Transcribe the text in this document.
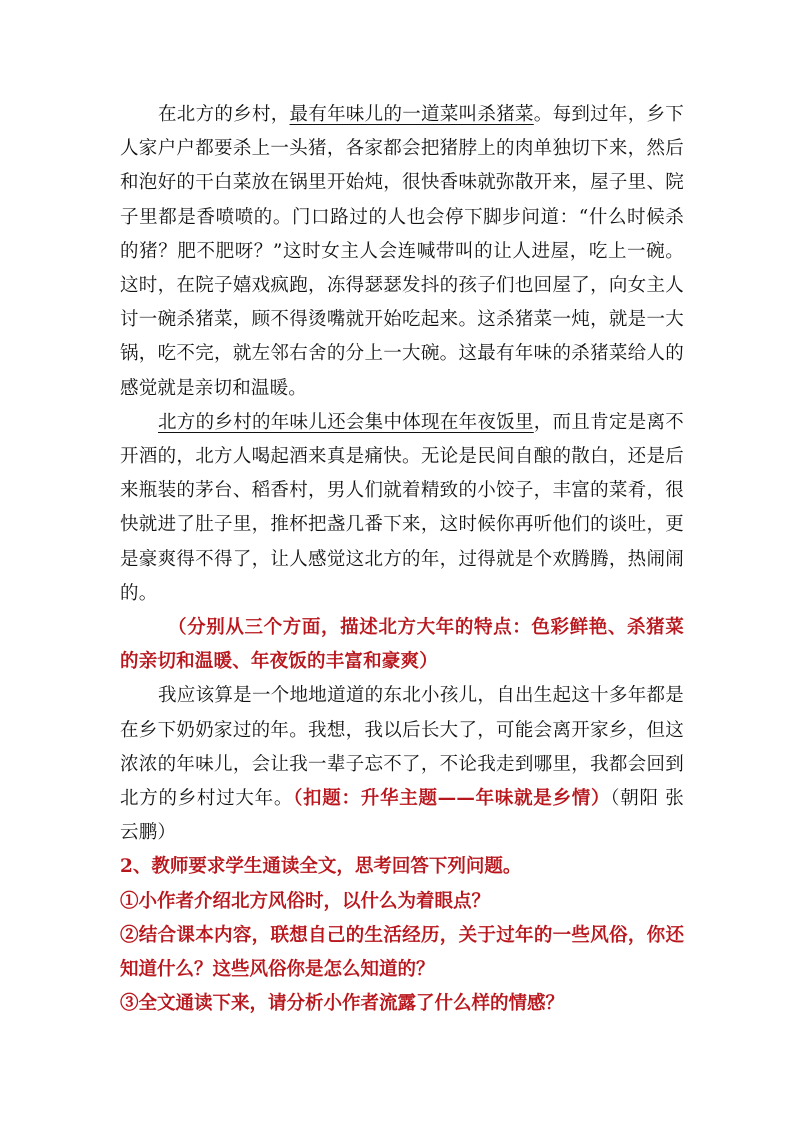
在北方的乡村，最有年味儿的一道菜叫杀猪菜。每到过年，乡下人家户户都要杀上一头猪，各家都会把猪脖上的肉单独切下来，然后和泡好的干白菜放在锅里开始炖，很快香味就弥散开来，屋子里、院子里都是香喷喷的。门口路过的人也会停下脚步问道：“什么时候杀的猪？肥不肥呀？”这时女主人会连喊带叫的让人进屋，吃上一碗。这时，在院子嬉戏疯跑，冻得瑟瑟发抖的孩子们也回屋了，向女主人讨一碗杀猪菜，顾不得烫嘴就开始吃起来。这杀猪菜一炖，就是一大锅，吃不完，就左邻右舍的分上一大碗。这最有年味的杀猪菜给人的感觉就是亲切和温暖。

北方的乡村的年味儿还会集中体现在年夜饭里，而且肯定是离不开酒的，北方人喝起酒来真是痛快。无论是民间自酿的散白，还是后来瓶装的茅台、稻香村，男人们就着精致的小饺子，丰富的菜肴，很快就进了肚子里，推杯把盏几番下来，这时候你再听他们的谈吐，更是豪爽得不得了，让人感觉这北方的年，过得就是个欢腾腾，热闹闹的。

（分别从三个方面，描述北方大年的特点：色彩鲜艳、杀猪菜的亲切和温暖、年夜饭的丰富和豪爽）

我应该算是一个地地道道的东北小孩儿，自出生起这十多年都是在乡下奶奶家过的年。我想，我以后长大了，可能会离开家乡，但这浓浓的年味儿，会让我一辈子忘不了，不论我走到哪里，我都会回到北方的乡村过大年。（扣题：升华主题——年味就是乡情）（朝阳 张云鹏）

2、教师要求学生通读全文，思考回答下列问题。

①小作者介绍北方风俗时，以什么为着眼点？

②结合课本内容，联想自己的生活经历，关于过年的一些风俗，你还知道什么？这些风俗你是怎么知道的？

③全文通读下来，请分析小作者流露了什么样的情感？
